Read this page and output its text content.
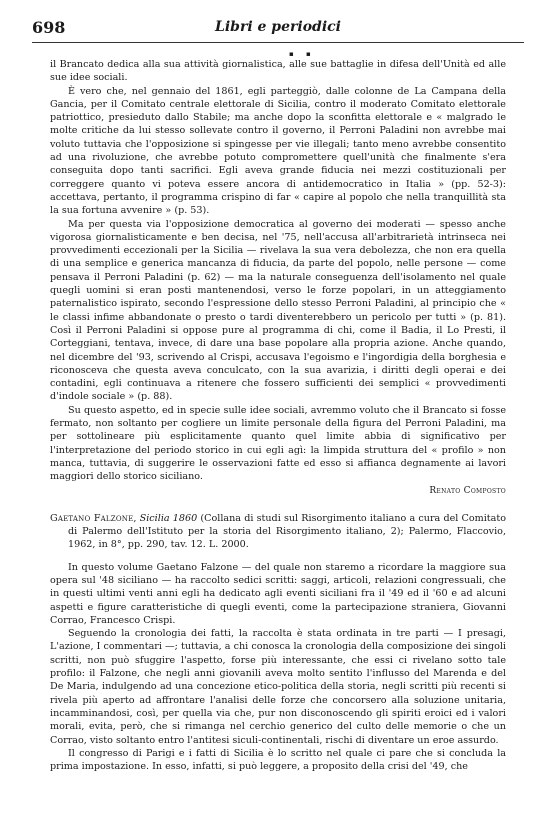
698	Libri e periodici
▪ ▪

il Brancato dedica alla sua attività giornalistica, alle sue battaglie in difesa dell'Unità ed alle sue idee sociali.

È vero che, nel gennaio del 1861, egli parteggiò, dalle colonne de La Campana della Gancia, per il Comitato centrale elettorale di Sicilia, contro il moderato Comitato elettorale patriottico, presieduto dallo Stabile; ma anche dopo la sconfitta elettorale e « malgrado le molte critiche da lui stesso sollevate contro il governo, il Perroni Paladini non avrebbe mai voluto tuttavia che l'opposizione si spingesse per vie illegali; tanto meno avrebbe consentito ad una rivoluzione, che avrebbe potuto compromettere quell'unità che finalmente s'era conseguita dopo tanti sacrifici. Egli aveva grande fiducia nei mezzi costituzionali per correggere quanto vi poteva essere ancora di antidemocratico in Italia » (pp. 52-3): accettava, pertanto, il programma crispino di far « capire al popolo che nella tranquillità sta la sua fortuna avvenire » (p. 53).

Ma per questa via l'opposizione democratica al governo dei moderati — spesso anche vigorosa giornalisticamente e ben decisa, nel '75, nell'accusa all'arbitrarietà intrinseca nei provvedimenti eccezionali per la Sicilia — rivelava la sua vera debolezza, che non era quella di una semplice e generica mancanza di fiducia, da parte del popolo, nelle persone — come pensava il Perroni Paladini (p. 62) — ma la naturale conseguenza dell'isolamento nel quale quegli uomini si eran posti mantenendosi, verso le forze popolari, in un atteggiamento paternalistico ispirato, secondo l'espressione dello stesso Perroni Paladini, al principio che « le classi infime abbandonate o presto o tardi diventerebbero un pericolo per tutti » (p. 81). Così il Perroni Paladini si oppose pure al programma di chi, come il Badia, il Lo Presti, il Corteggiani, tentava, invece, di dare una base popolare alla propria azione. Anche quando, nel dicembre del '93, scrivendo al Crispi, accusava l'egoismo e l'ingordigia della borghesia e riconosceva che questa aveva conculcato, con la sua avarizia, i diritti degli operai e dei contadini, egli continuava a ritenere che fossero sufficienti dei semplici « provvedimenti d'indole sociale » (p. 88).

Su questo aspetto, ed in specie sulle idee sociali, avremmo voluto che il Brancato si fosse fermato, non soltanto per cogliere un limite personale della figura del Perroni Paladini, ma per sottolineare più esplicitamente quanto quel limite abbia di significativo per l'interpretazione del periodo storico in cui egli agì: la limpida struttura del « profilo » non manca, tuttavia, di suggerire le osservazioni fatte ed esso si affianca degnamente ai lavori maggiori dello storico siciliano.

Renato Composto

Gaetano Falzone, Sicilia 1860 (Collana di studi sul Risorgimento italiano a cura del Comitato di Palermo dell'Istituto per la storia del Risorgimento italiano, 2); Palermo, Flaccovio, 1962, in 8°, pp. 290, tav. 12. L. 2000.

In questo volume Gaetano Falzone — del quale non staremo a ricordare la maggiore sua opera sul '48 siciliano — ha raccolto sedici scritti: saggi, articoli, relazioni congressuali, che in questi ultimi venti anni egli ha dedicato agli eventi siciliani fra il '49 ed il '60 e ad alcuni aspetti e figure caratteristiche di quegli eventi, come la partecipazione straniera, Giovanni Corrao, Francesco Crispi.

Seguendo la cronologia dei fatti, la raccolta è stata ordinata in tre parti — I presagi, L'azione, I commentari —; tuttavia, a chi conosca la cronologia della composizione dei singoli scritti, non può sfuggire l'aspetto, forse più interessante, che essi ci rivelano sotto tale profilo: il Falzone, che negli anni giovanili aveva molto sentito l'influsso del Marenda e del De Maria, indulgendo ad una concezione etico-politica della storia, negli scritti più recenti si rivela più aperto ad affrontare l'analisi delle forze che concorsero alla soluzione unitaria, incamminandosi, così, per quella via che, pur non disconoscendo gli spiriti eroici ed i valori morali, evita, però, che si rimanga nel cerchio generico del culto delle memorie o che un Corrao, visto soltanto entro l'antitesi siculi-continentali, rischi di diventare un eroe assurdo.

Il congresso di Parigi e i fatti di Sicilia è lo scritto nel quale ci pare che si concluda la prima impostazione. In esso, infatti, si può leggere, a proposito della crisi del '49, che
